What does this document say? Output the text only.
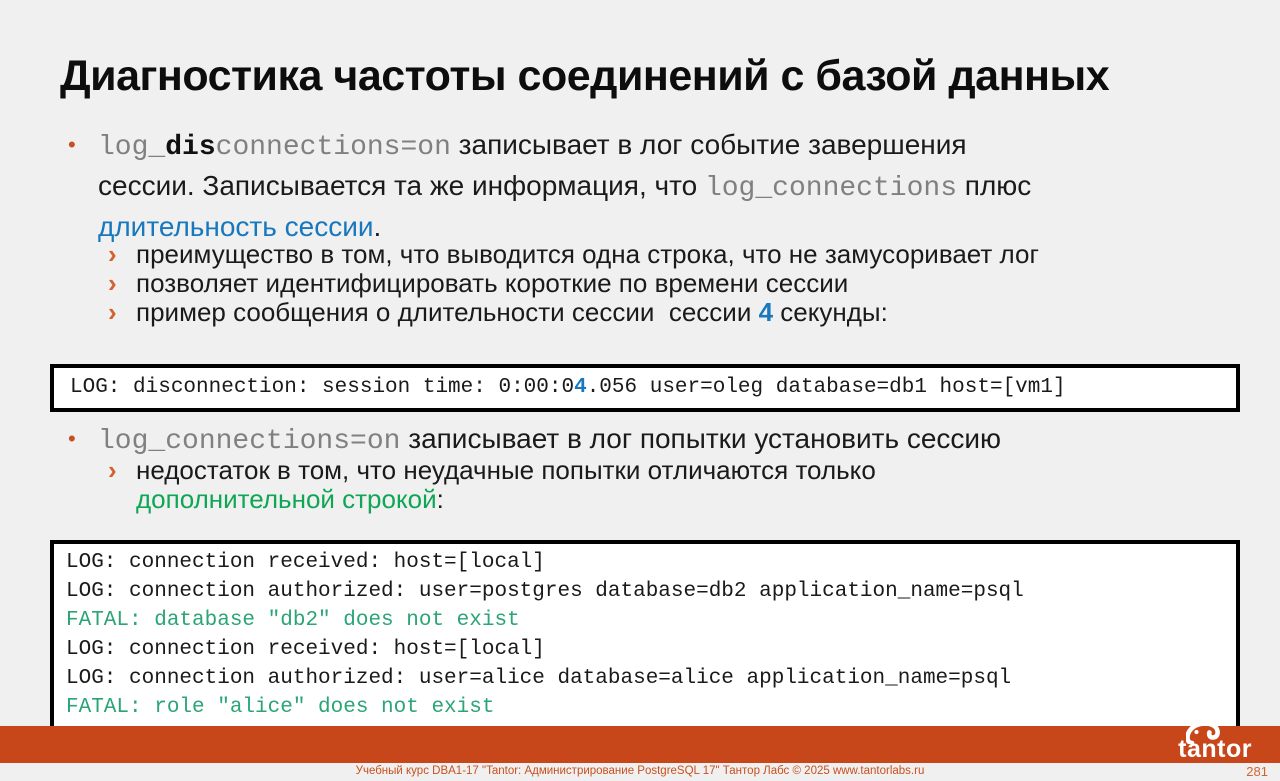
Диагностика частоты соединений с базой данных
• log_disconnections=on записывает в лог событие завершения
сессии. Записывается та же информация, что log_connections плюс
длительность сессии.
› преимущество в том, что выводится одна строка, что не замусоривает лог
› позволяет идентифицировать короткие по времени сессии
› пример сообщения о длительности сессии  сессии 4 секунды:
LOG: disconnection: session time: 0:00:04.056 user=oleg database=db1 host=[vm1]
• log_connections=on записывает в лог попытки установить сессию
› недостаток в том, что неудачные попытки отличаются только
дополнительной строкой:
LOG: connection received: host=[local]
LOG: connection authorized: user=postgres database=db2 application_name=psql
FATAL: database "db2" does not exist
LOG: connection received: host=[local]
LOG: connection authorized: user=alice database=alice application_name=psql
FATAL: role "alice" does not exist
tantor
Учебный курс DBA1-17 "Tantor: Администрирование PostgreSQL 17" Тантор Лабс © 2025 www.tantorlabs.ru	281
